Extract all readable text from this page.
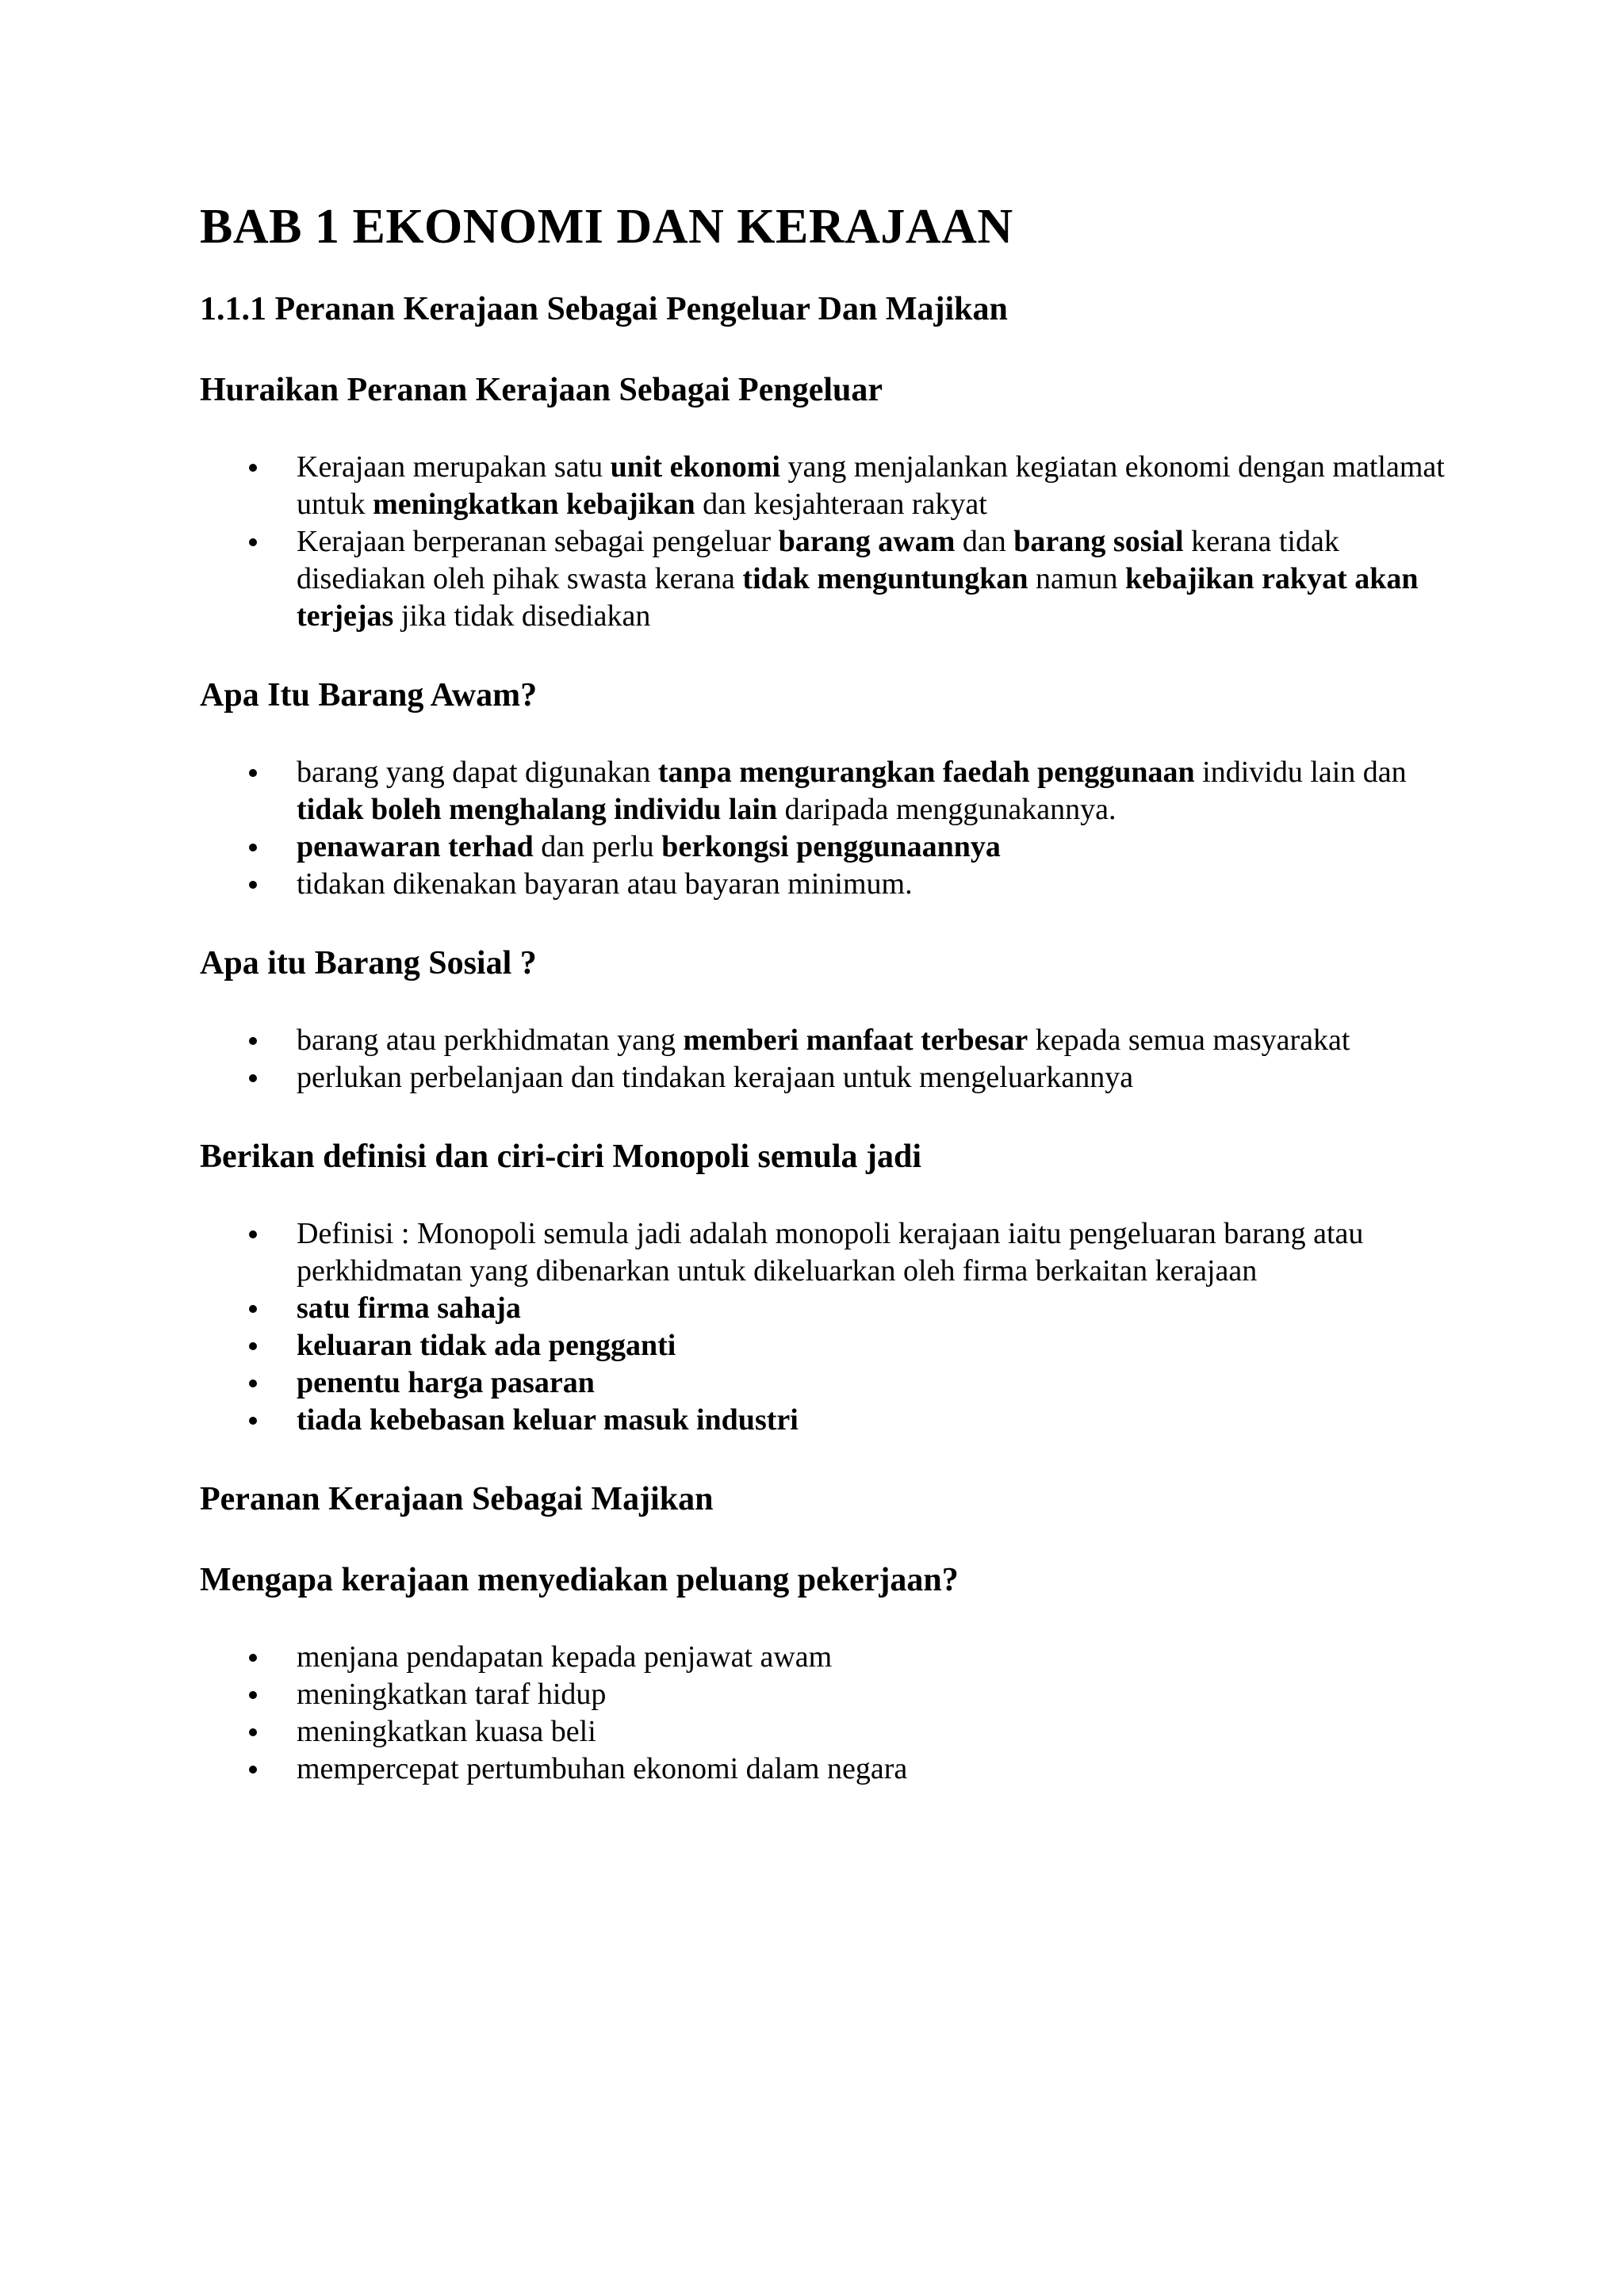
BAB 1 EKONOMI DAN KERAJAAN
1.1.1 Peranan Kerajaan Sebagai Pengeluar Dan Majikan
Huraikan Peranan Kerajaan Sebagai Pengeluar
Kerajaan merupakan satu unit ekonomi yang menjalankan kegiatan ekonomi dengan matlamat untuk meningkatkan kebajikan dan kesjahteraan rakyat
Kerajaan berperanan sebagai pengeluar barang awam dan barang sosial kerana tidak disediakan oleh pihak swasta kerana tidak menguntungkan namun kebajikan rakyat akan terjejas jika tidak disediakan
Apa Itu Barang Awam?
barang yang dapat digunakan tanpa mengurangkan faedah penggunaan individu lain dan tidak boleh menghalang individu lain daripada menggunakannya.
penawaran terhad dan perlu berkongsi penggunaannya
tidakan dikenakan bayaran atau bayaran minimum.
Apa itu Barang Sosial ?
barang atau perkhidmatan yang memberi manfaat terbesar kepada semua masyarakat
perlukan perbelanjaan dan tindakan kerajaan untuk mengeluarkannya
Berikan definisi dan ciri-ciri Monopoli semula jadi
Definisi : Monopoli semula jadi adalah monopoli kerajaan iaitu pengeluaran barang atau perkhidmatan yang dibenarkan untuk dikeluarkan oleh firma berkaitan kerajaan
satu firma sahaja
keluaran tidak ada pengganti
penentu harga pasaran
tiada kebebasan keluar masuk industri
Peranan Kerajaan Sebagai Majikan
Mengapa kerajaan menyediakan peluang pekerjaan?
menjana pendapatan kepada penjawat awam
meningkatkan taraf hidup
meningkatkan kuasa beli
mempercepat pertumbuhan ekonomi dalam negara
